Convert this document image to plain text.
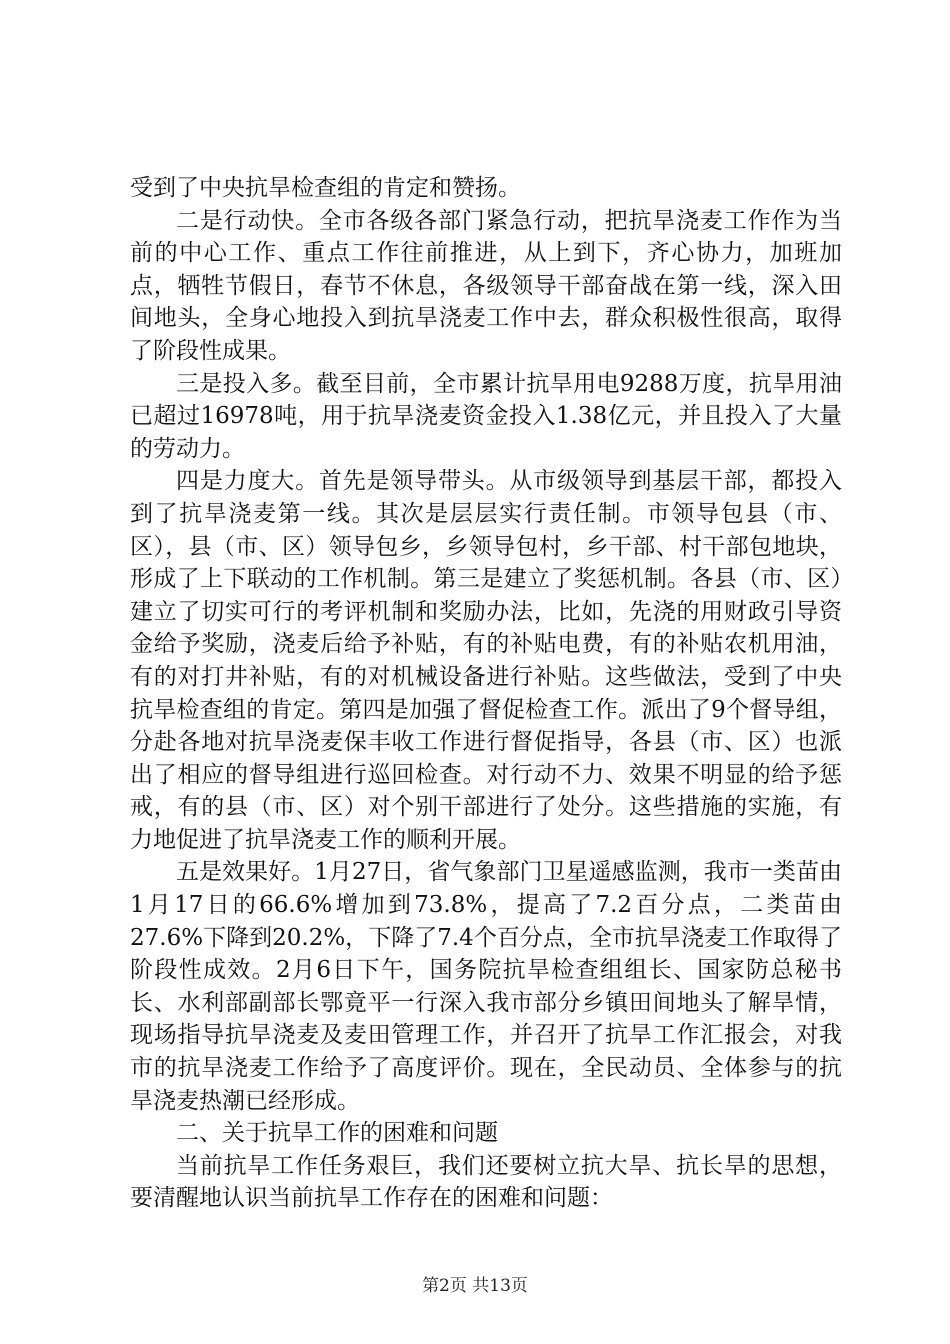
受到了中央抗旱检查组的肯定和赞扬。

二是行动快。全市各级各部门紧急行动，把抗旱浇麦工作作为当前的中心工作、重点工作往前推进，从上到下，齐心协力，加班加点，牺牲节假日，春节不休息，各级领导干部奋战在第一线，深入田间地头，全身心地投入到抗旱浇麦工作中去，群众积极性很高，取得了阶段性成果。

三是投入多。截至目前，全市累计抗旱用电9288万度，抗旱用油已超过16978吨，用于抗旱浇麦资金投入1.38亿元，并且投入了大量的劳动力。

四是力度大。首先是领导带头。从市级领导到基层干部，都投入到了抗旱浇麦第一线。其次是层层实行责任制。市领导包县（市、区），县（市、区）领导包乡，乡领导包村，乡干部、村干部包地块，形成了上下联动的工作机制。第三是建立了奖惩机制。各县（市、区）建立了切实可行的考评机制和奖励办法，比如，先浇的用财政引导资金给予奖励，浇麦后给予补贴，有的补贴电费，有的补贴农机用油，有的对打井补贴，有的对机械设备进行补贴。这些做法，受到了中央抗旱检查组的肯定。第四是加强了督促检查工作。派出了9个督导组，分赴各地对抗旱浇麦保丰收工作进行督促指导，各县（市、区）也派出了相应的督导组进行巡回检查。对行动不力、效果不明显的给予惩戒，有的县（市、区）对个别干部进行了处分。这些措施的实施，有力地促进了抗旱浇麦工作的顺利开展。

五是效果好。1月27日，省气象部门卫星遥感监测，我市一类苗由1月17日的66.6%增加到73.8%，提高了7.2百分点，二类苗由27.6%下降到20.2%，下降了7.4个百分点，全市抗旱浇麦工作取得了阶段性成效。2月6日下午，国务院抗旱检查组组长、国家防总秘书长、水利部副部长鄂竟平一行深入我市部分乡镇田间地头了解旱情，现场指导抗旱浇麦及麦田管理工作，并召开了抗旱工作汇报会，对我市的抗旱浇麦工作给予了高度评价。现在，全民动员、全体参与的抗旱浇麦热潮已经形成。

二、关于抗旱工作的困难和问题

当前抗旱工作任务艰巨，我们还要树立抗大旱、抗长旱的思想，要清醒地认识当前抗旱工作存在的困难和问题：

第2页 共13页
